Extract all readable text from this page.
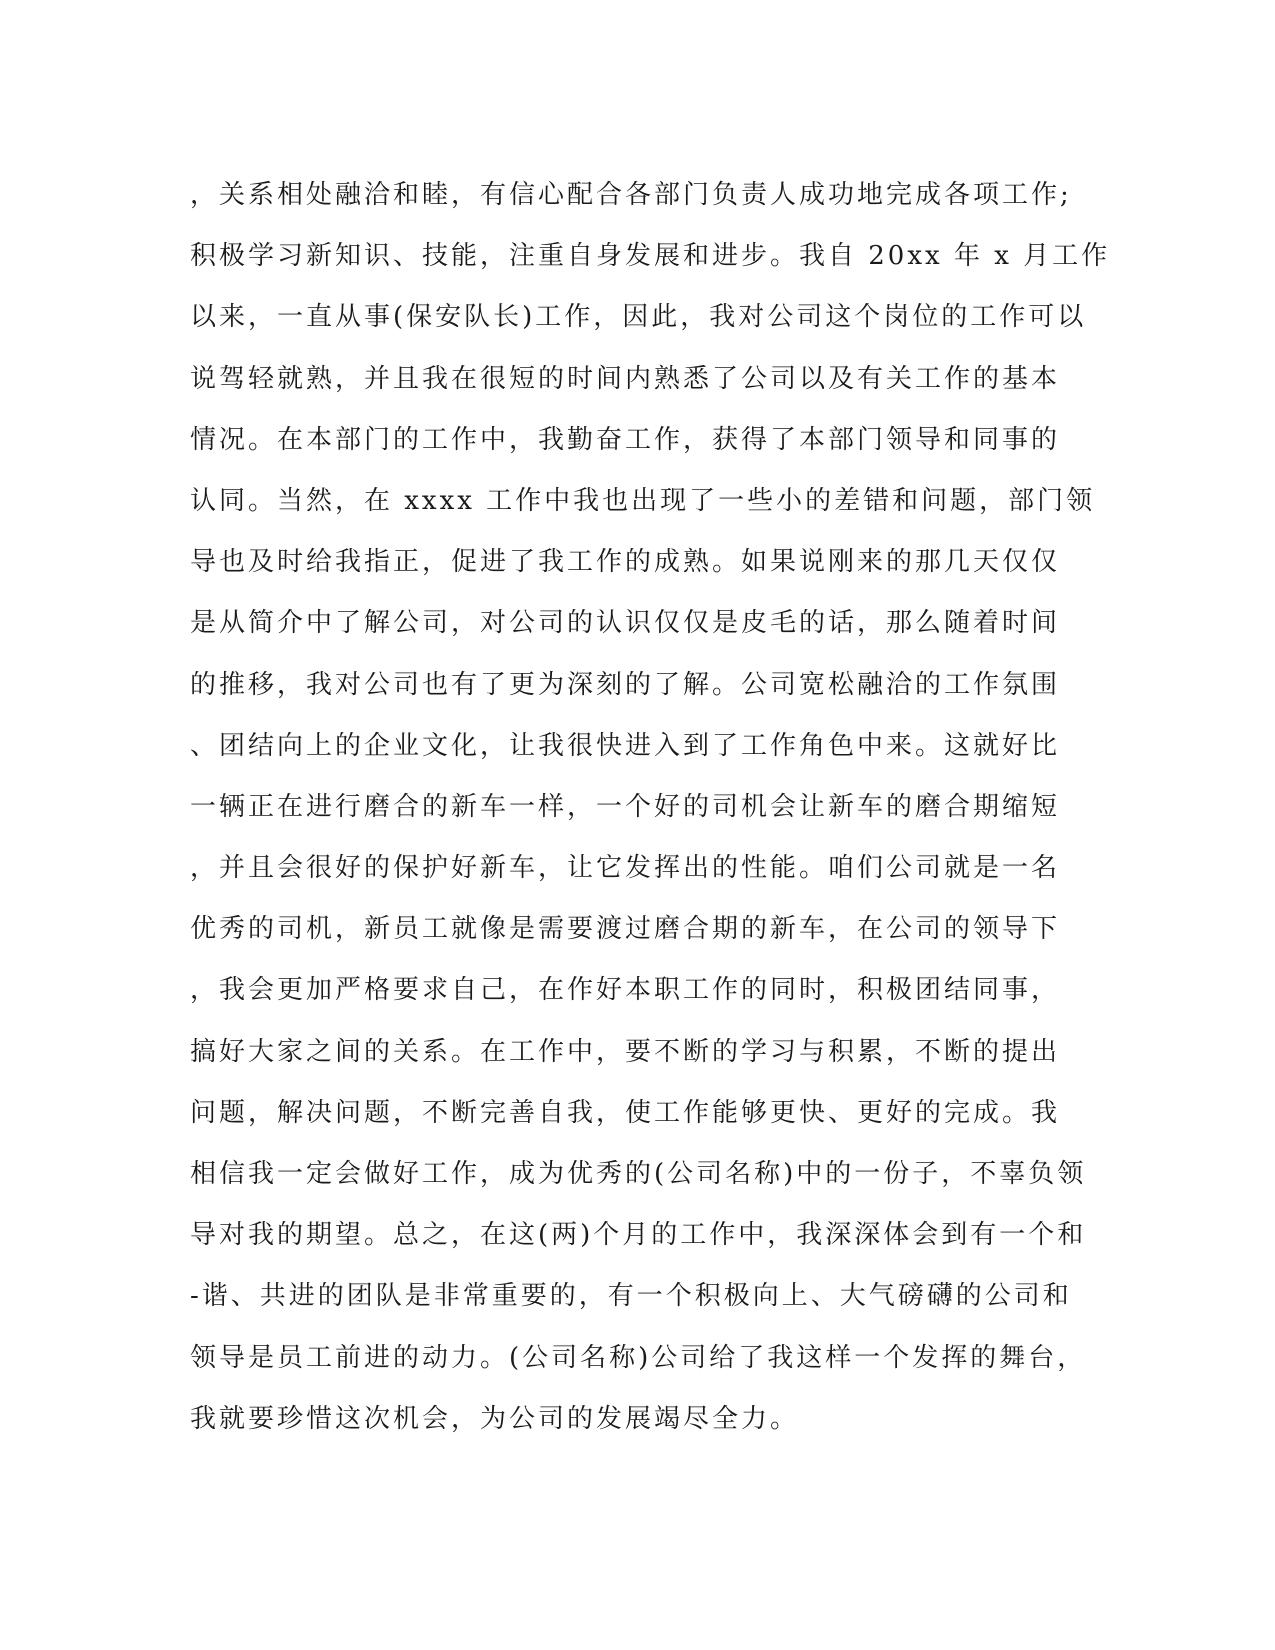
，关系相处融洽和睦，有信心配合各部门负责人成功地完成各项工作;
积极学习新知识、技能，注重自身发展和进步。我自 20xx 年 x 月工作
以来，一直从事(保安队长)工作，因此，我对公司这个岗位的工作可以
说驾轻就熟，并且我在很短的时间内熟悉了公司以及有关工作的基本
情况。在本部门的工作中，我勤奋工作，获得了本部门领导和同事的
认同。当然，在 xxxx 工作中我也出现了一些小的差错和问题，部门领
导也及时给我指正，促进了我工作的成熟。如果说刚来的那几天仅仅
是从简介中了解公司，对公司的认识仅仅是皮毛的话，那么随着时间
的推移，我对公司也有了更为深刻的了解。公司宽松融洽的工作氛围
、团结向上的企业文化，让我很快进入到了工作角色中来。这就好比
一辆正在进行磨合的新车一样，一个好的司机会让新车的磨合期缩短
，并且会很好的保护好新车，让它发挥出的性能。咱们公司就是一名
优秀的司机，新员工就像是需要渡过磨合期的新车，在公司的领导下
，我会更加严格要求自己，在作好本职工作的同时，积极团结同事，
搞好大家之间的关系。在工作中，要不断的学习与积累，不断的提出
问题，解决问题，不断完善自我，使工作能够更快、更好的完成。我
相信我一定会做好工作，成为优秀的(公司名称)中的一份子，不辜负领
导对我的期望。总之，在这(两)个月的工作中，我深深体会到有一个和
-谐、共进的团队是非常重要的，有一个积极向上、大气磅礴的公司和
领导是员工前进的动力。(公司名称)公司给了我这样一个发挥的舞台，
我就要珍惜这次机会，为公司的发展竭尽全力。
